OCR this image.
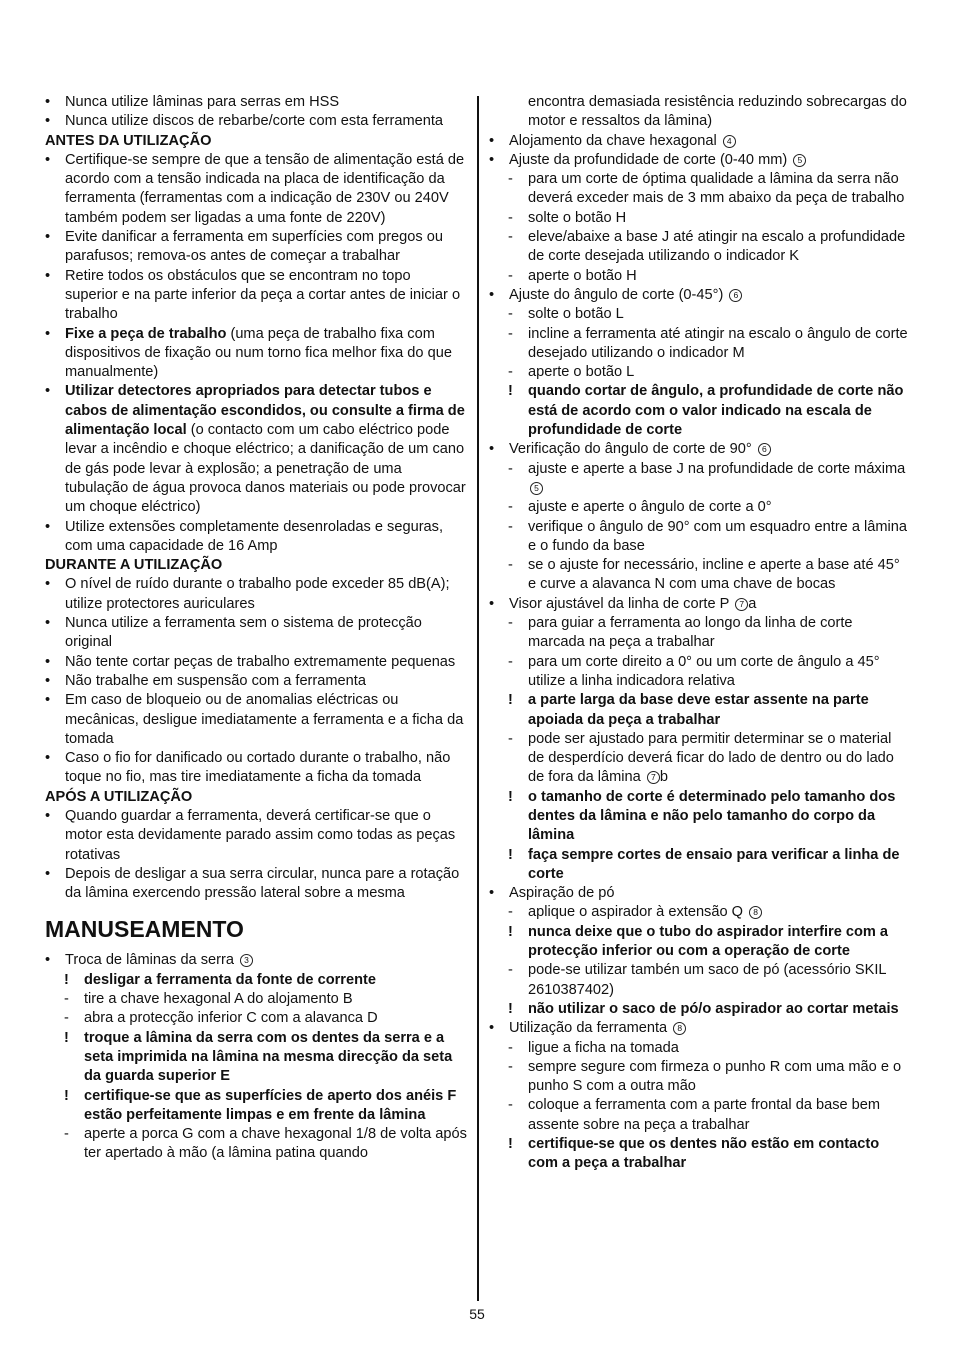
• Nunca utilize lâminas para serras em HSS
• Nunca utilize discos de rebarbe/corte com esta ferramenta
ANTES DA UTILIZAÇÃO
• Certifique-se sempre de que a tensão de alimentação está de acordo com a tensão indicada na placa de identificação da ferramenta (ferramentas com a indicação de 230V ou 240V também podem ser ligadas a uma fonte de 220V)
• Evite danificar a ferramenta em superfícies com pregos ou parafusos; remova-os antes de começar a trabalhar
• Retire todos os obstáculos que se encontram no topo superior e na parte inferior da peça a cortar antes de iniciar o trabalho
• Fixe a peça de trabalho (uma peça de trabalho fixa com dispositivos de fixação ou num torno fica melhor fixa do que manualmente)
• Utilizar detectores apropriados para detectar tubos e cabos de alimentação escondidos, ou consulte a firma de alimentação local (o contacto com um cabo eléctrico pode levar a incêndio e choque eléctrico; a danificação de um cano de gás pode levar à explosão; a penetração de uma tubulação de água provoca danos materiais ou pode provocar um choque eléctrico)
• Utilize extensões completamente desenroladas e seguras, com uma capacidade de 16 Amp
DURANTE A UTILIZAÇÃO
• O nível de ruído durante o trabalho pode exceder 85 dB(A); utilize protectores auriculares
• Nunca utilize a ferramenta sem o sistema de protecção original
• Não tente cortar peças de trabalho extremamente pequenas
• Não trabalhe em suspensão com a ferramenta
• Em caso de bloqueio ou de anomalias eléctricas ou mecânicas, desligue imediatamente a ferramenta e a ficha da tomada
• Caso o fio for danificado ou cortado durante o trabalho, não toque no fio, mas tire imediatamente a ficha da tomada
APÓS A UTILIZAÇÃO
• Quando guardar a ferramenta, deverá certificar-se que o motor esta devidamente parado assim como todas as peças rotativas
• Depois de desligar a sua serra circular, nunca pare a rotação da lâmina exercendo pressão lateral sobre a mesma
MANUSEAMENTO
• Troca de lâminas da serra 3
! desligar a ferramenta da fonte de corrente
- tire a chave hexagonal A do alojamento B
- abra a protecção inferior C com a alavanca D
! troque a lâmina da serra com os dentes da serra e a seta imprimida na lâmina na mesma direcção da seta da guarda superior E
! certifique-se que as superfícies de aperto dos anéis F estão perfeitamente limpas e em frente da lâmina
- aperte a porca G com a chave hexagonal 1/8 de volta após ter apertado à mão (a lâmina patina quando
encontra demasiada resistência reduzindo sobrecargas do motor e ressaltos da lâmina)
• Alojamento da chave hexagonal 4
• Ajuste da profundidade de corte (0-40 mm) 5
- para um corte de óptima qualidade a lâmina da serra não deverá exceder mais de 3 mm abaixo da peça de trabalho
- solte o botão H
- eleve/abaixe a base J até atingir na escalo a profundidade de corte desejada utilizando o indicador K
- aperte o botão H
• Ajuste do ângulo de corte (0-45°) 6
- solte o botão L
- incline a ferramenta até atingir na escalo o ângulo de corte desejado utilizando o indicador M
- aperte o botão L
! quando cortar de ângulo, a profundidade de corte não está de acordo com o valor indicado na escala de profundidade de corte
• Verificação do ângulo de corte de 90° 6
- ajuste e aperte a base J na profundidade de corte máxima 5
- ajuste e aperte o ângulo de corte a 0°
- verifique o ângulo de 90° com um esquadro entre a lâmina e o fundo da base
- se o ajuste for necessário, incline e aperte a base até 45° e curve a alavanca N com uma chave de bocas
• Visor ajustável da linha de corte P 7 a
- para guiar a ferramenta ao longo da linha de corte marcada na peça a trabalhar
- para um corte direito a 0° ou um corte de ângulo a 45° utilize a linha indicadora relativa
! a parte larga da base deve estar assente na parte apoiada da peça a trabalhar
- pode ser ajustado para permitir determinar se o material de desperdício deverá ficar do lado de dentro ou do lado de fora da lâmina 7 b
! o tamanho de corte é determinado pelo tamanho dos dentes da lâmina e não pelo tamanho do corpo da lâmina
! faça sempre cortes de ensaio para verificar a linha de corte
• Aspiração de pó
- aplique o aspirador à extensão Q 8
! nunca deixe que o tubo do aspirador interfire com a protecção inferior ou com a operação de corte
- pode-se utilizar tambén um saco de pó (acessório SKIL 2610387402)
! não utilizar o saco de pó/o aspirador ao cortar metais
• Utilização da ferramenta 8
- ligue a ficha na tomada
- sempre segure com firmeza o punho R com uma mão e o punho S com a outra mão
- coloque a ferramenta com a parte frontal da base bem assente sobre na peça a trabalhar
! certifique-se que os dentes não estão em contacto com a peça a trabalhar
55
